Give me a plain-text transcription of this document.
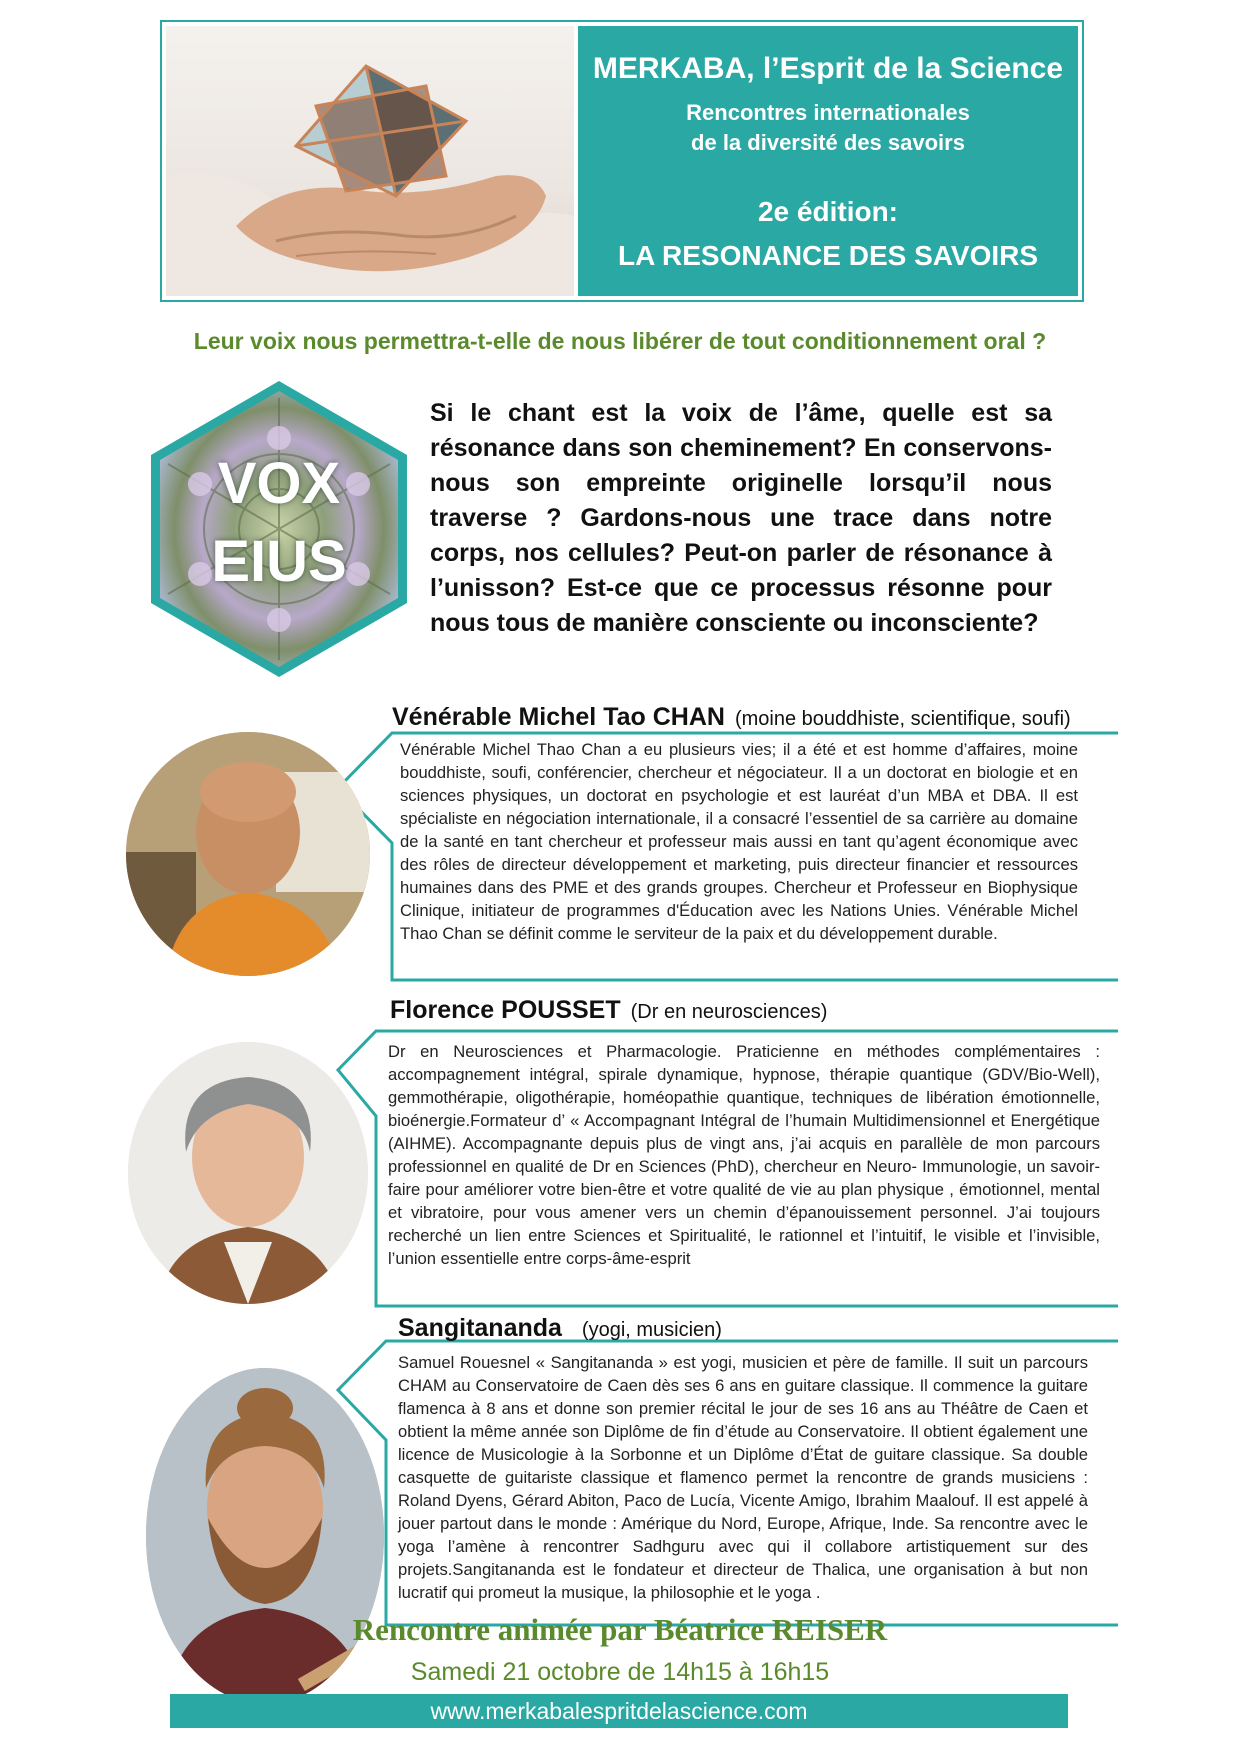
MERKABA, l’Esprit de la Science
Rencontres internationales
de la diversité des savoirs
2e édition:
LA RESONANCE DES SAVOIRS
Leur voix nous permettra-t-elle de nous libérer de tout conditionnement oral ?
VOX
EIUS
Si le chant est la voix de l’âme, quelle est sa résonance dans son cheminement? En conservons-nous son empreinte originelle lorsqu’il nous traverse ? Gardons-nous une trace dans notre corps, nos cellules? Peut-on parler de résonance à l’unisson? Est-ce que ce processus résonne pour nous tous de manière consciente ou inconsciente?
Vénérable Michel Tao CHAN (moine bouddhiste, scientifique, soufi)
Vénérable Michel Thao Chan a eu plusieurs vies; il a été et est homme d’affaires, moine bouddhiste, soufi, conférencier, chercheur et négociateur. Il a un doctorat en biologie et en sciences physiques, un doctorat en psychologie et est lauréat d’un MBA et DBA. Il est spécialiste en négociation internationale, il a consacré l’essentiel de sa carrière au domaine de la santé en tant chercheur et professeur mais aussi en tant qu’agent économique avec des rôles de directeur développement et marketing, puis directeur financier et ressources humaines dans des PME et des grands groupes. Chercheur et Professeur en Biophysique Clinique, initiateur de programmes d'Éducation avec les Nations Unies. Vénérable Michel Thao Chan se définit comme le serviteur de la paix et du développement durable.
Florence POUSSET (Dr en neurosciences)
Dr en Neurosciences et Pharmacologie. Praticienne en méthodes complémentaires : accompagnement intégral, spirale dynamique, hypnose, thérapie quantique (GDV/Bio-Well), gemmothérapie, oligothérapie, homéopathie quantique, techniques de libération émotionnelle, bioénergie.Formateur d’ « Accompagnant Intégral de l’humain Multidimensionnel et Energétique (AIHME). Accompagnante depuis plus de vingt ans, j’ai acquis en parallèle de mon parcours professionnel en qualité de Dr en Sciences (PhD), chercheur en Neuro- Immunologie, un savoir-faire pour améliorer votre bien-être et votre qualité de vie au plan physique , émotionnel, mental et vibratoire, pour vous amener vers un chemin d’épanouissement personnel. J’ai toujours recherché un lien entre Sciences et Spiritualité, le rationnel et l’intuitif, le visible et l’invisible, l’union essentielle entre corps-âme-esprit
Sangitananda (yogi, musicien)
Samuel Rouesnel « Sangitananda » est yogi, musicien et père de famille. Il suit un parcours CHAM au Conservatoire de Caen dès ses 6 ans en guitare classique. Il commence la guitare flamenca à 8 ans et donne son premier récital le jour de ses 16 ans au Théâtre de Caen et obtient la même année son Diplôme de fin d’étude au Conservatoire. Il obtient également une licence de Musicologie à la Sorbonne et un Diplôme d’État de guitare classique. Sa double casquette de guitariste classique et flamenco permet la rencontre de grands musiciens : Roland Dyens, Gérard Abiton, Paco de Lucía, Vicente Amigo, Ibrahim Maalouf. Il est appelé à jouer partout dans le monde : Amérique du Nord, Europe, Afrique, Inde. Sa rencontre avec le yoga l’amène à rencontrer Sadhguru avec qui il collabore artistiquement sur des projets.Sangitananda est le fondateur et directeur de Thalica, une organisation à but non lucratif qui promeut la musique, la philosophie et le yoga .
Rencontre animée par Béatrice REISER
Samedi 21 octobre de 14h15 à 16h15
www.merkabalespritdelascience.com
